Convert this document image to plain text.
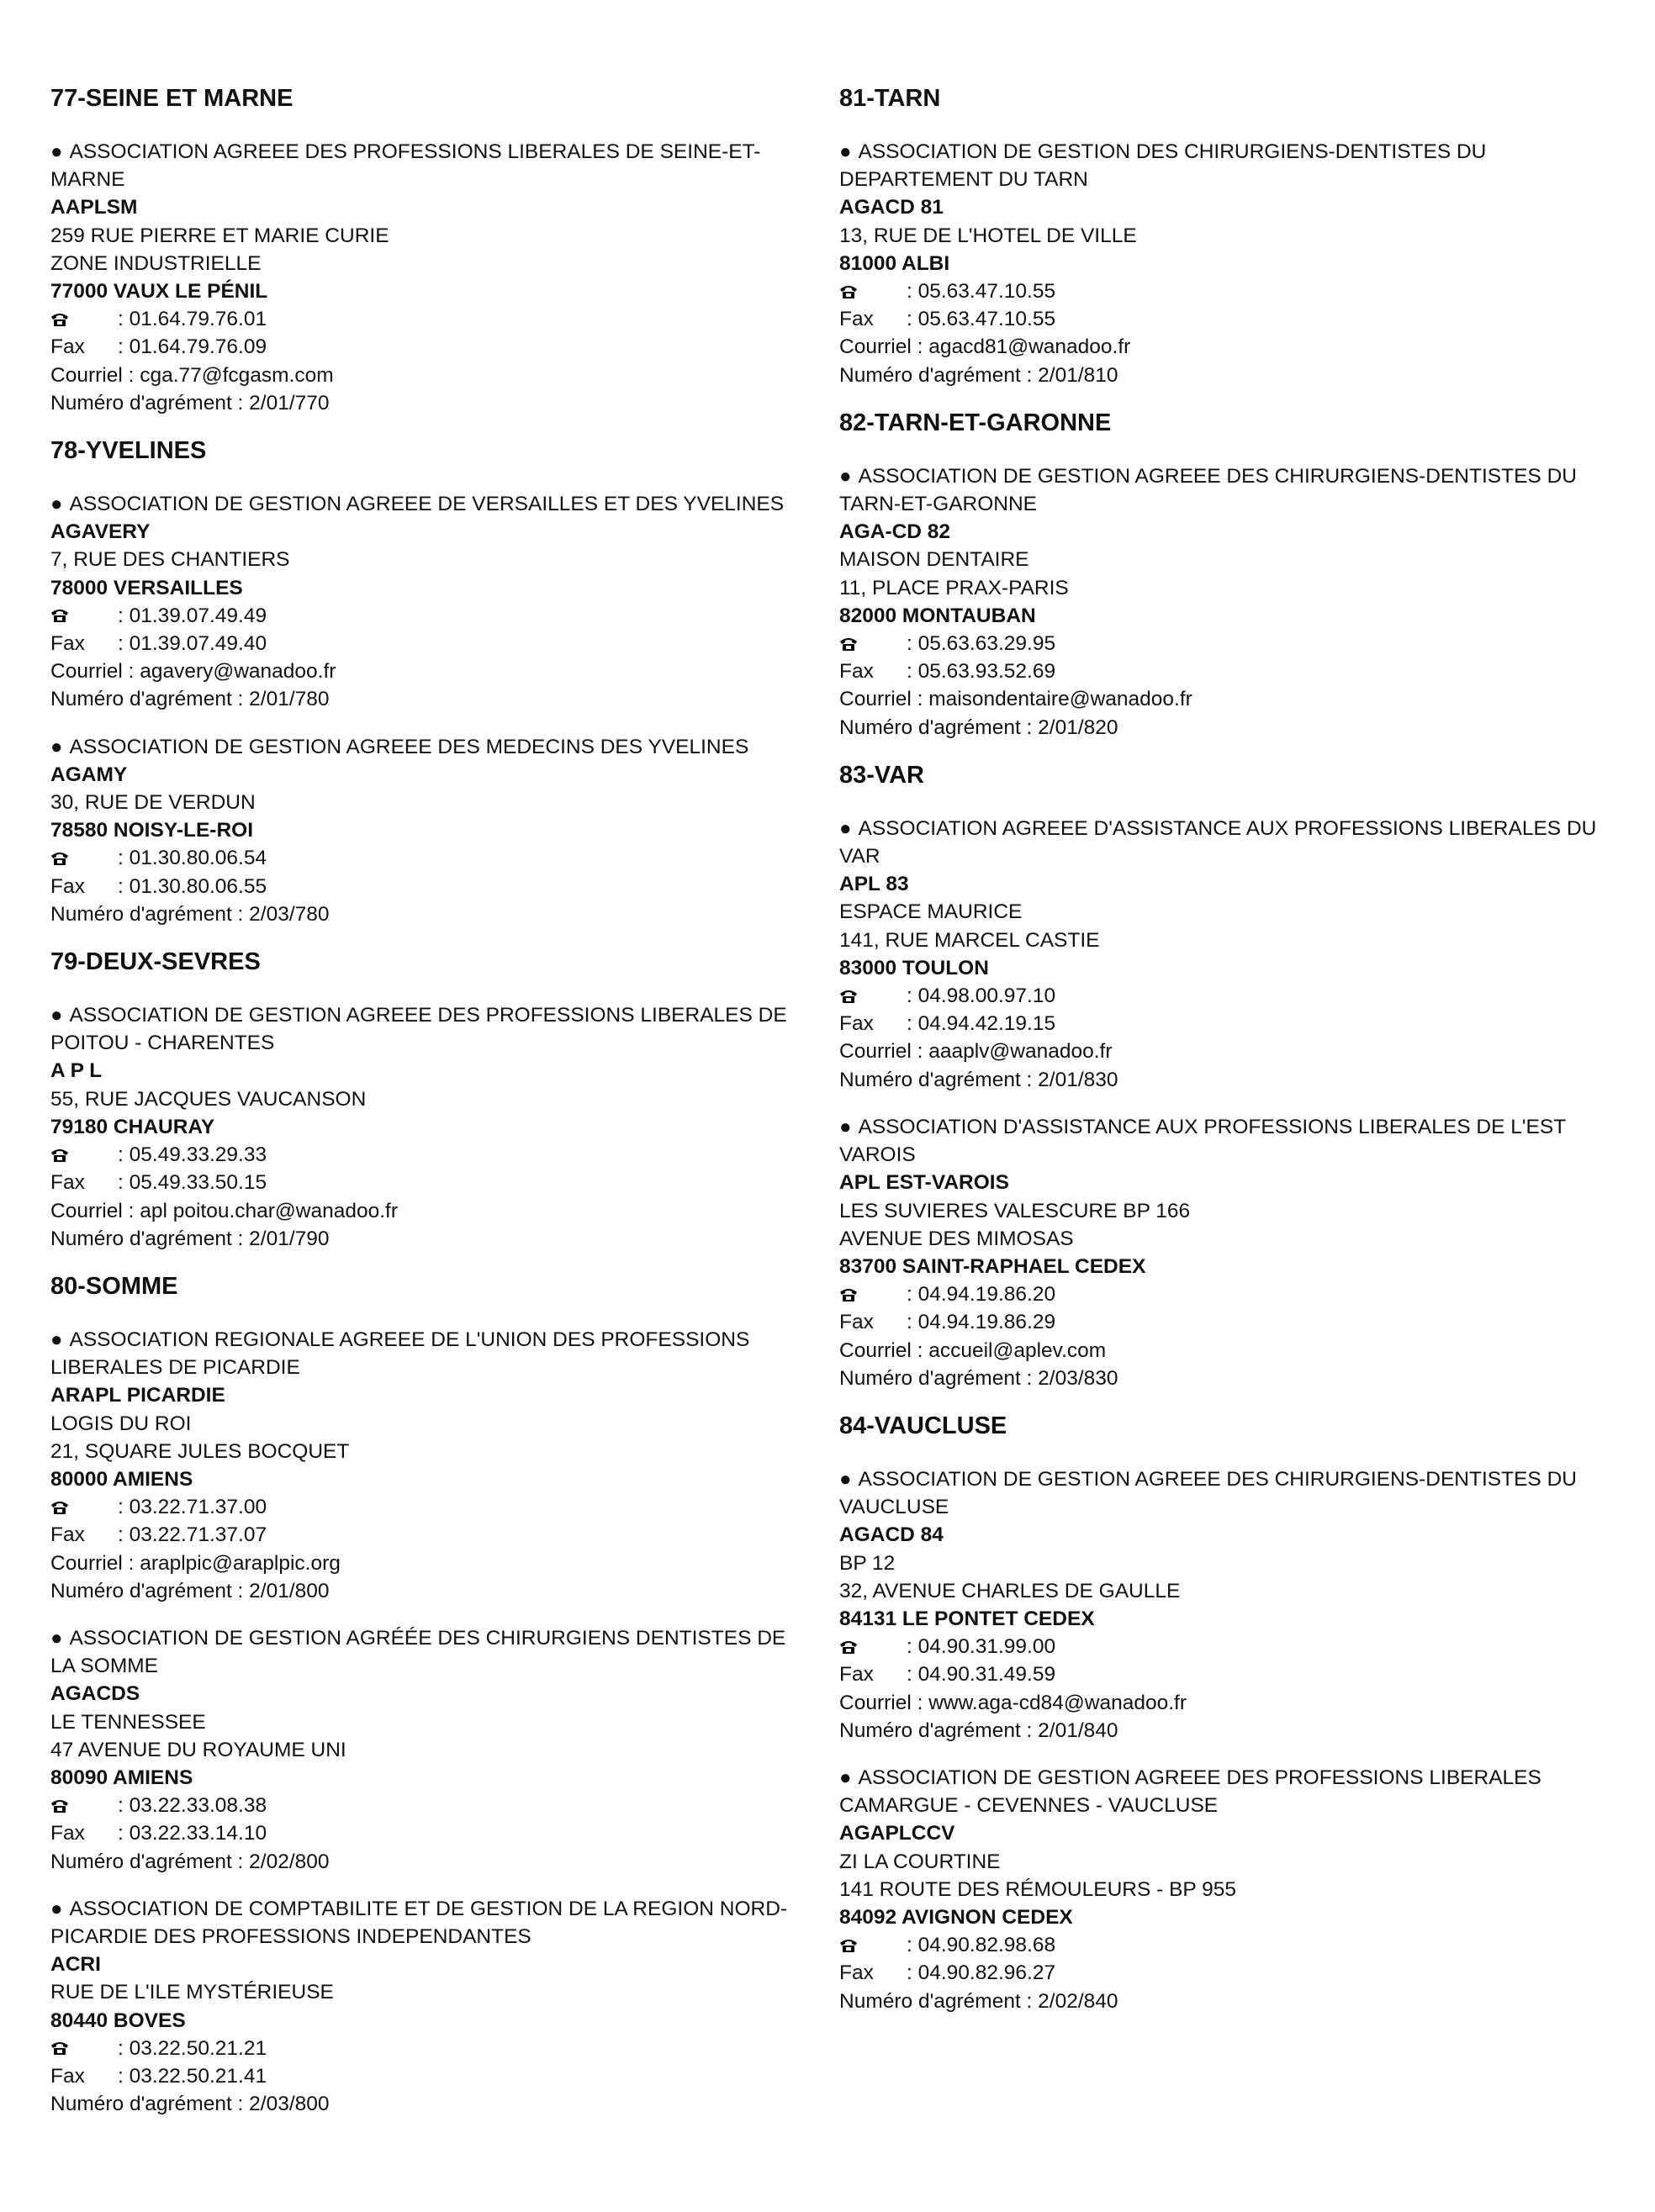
77-SEINE ET MARNE
● ASSOCIATION AGREEE DES PROFESSIONS LIBERALES DE SEINE-ET-MARNE
AAPLSM
259 RUE PIERRE ET MARIE CURIE
ZONE INDUSTRIELLE
77000 VAUX LE PÉNIL
: 01.64.79.76.01
Fax	: 01.64.79.76.09
Courriel : cga.77@fcgasm.com
Numéro d'agrément : 2/01/770
78-YVELINES
● ASSOCIATION DE GESTION AGREEE DE VERSAILLES ET DES YVELINES
AGAVERY
7, RUE DES CHANTIERS
78000 VERSAILLES
: 01.39.07.49.49
Fax	: 01.39.07.49.40
Courriel : agavery@wanadoo.fr
Numéro d'agrément : 2/01/780
● ASSOCIATION DE GESTION AGREEE DES MEDECINS DES YVELINES
AGAMY
30, RUE DE VERDUN
78580 NOISY-LE-ROI
: 01.30.80.06.54
Fax	: 01.30.80.06.55
Numéro d'agrément : 2/03/780
79-DEUX-SEVRES
● ASSOCIATION DE GESTION AGREEE DES PROFESSIONS LIBERALES DE POITOU - CHARENTES
A P L
55, RUE JACQUES VAUCANSON
79180 CHAURAY
: 05.49.33.29.33
Fax	: 05.49.33.50.15
Courriel : apl poitou.char@wanadoo.fr
Numéro d'agrément : 2/01/790
80-SOMME
● ASSOCIATION REGIONALE AGREEE DE L'UNION DES PROFESSIONS LIBERALES DE PICARDIE
ARAPL PICARDIE
LOGIS DU ROI
21, SQUARE JULES BOCQUET
80000 AMIENS
: 03.22.71.37.00
Fax	: 03.22.71.37.07
Courriel : araplpic@araplpic.org
Numéro d'agrément : 2/01/800
● ASSOCIATION DE GESTION AGRÉÉE DES CHIRURGIENS DENTISTES DE LA SOMME
AGACDS
LE TENNESSEE
47 AVENUE DU ROYAUME UNI
80090 AMIENS
: 03.22.33.08.38
Fax	: 03.22.33.14.10
Numéro d'agrément : 2/02/800
● ASSOCIATION DE COMPTABILITE ET DE GESTION DE LA REGION NORD-PICARDIE DES PROFESSIONS INDEPENDANTES
ACRI
RUE DE L'ILE MYSTÉRIEUSE
80440 BOVES
: 03.22.50.21.21
Fax	: 03.22.50.21.41
Numéro d'agrément : 2/03/800
81-TARN
● ASSOCIATION DE GESTION DES CHIRURGIENS-DENTISTES DU DEPARTEMENT DU TARN
AGACD 81
13, RUE DE L'HOTEL DE VILLE
81000 ALBI
: 05.63.47.10.55
Fax	: 05.63.47.10.55
Courriel : agacd81@wanadoo.fr
Numéro d'agrément : 2/01/810
82-TARN-ET-GARONNE
● ASSOCIATION DE GESTION AGREEE DES CHIRURGIENS-DENTISTES DU TARN-ET-GARONNE
AGA-CD 82
MAISON DENTAIRE
11, PLACE PRAX-PARIS
82000 MONTAUBAN
: 05.63.63.29.95
Fax	: 05.63.93.52.69
Courriel : maisondentaire@wanadoo.fr
Numéro d'agrément : 2/01/820
83-VAR
● ASSOCIATION AGREEE D'ASSISTANCE AUX PROFESSIONS LIBERALES DU VAR
APL 83
ESPACE MAURICE
141, RUE MARCEL CASTIE
83000 TOULON
: 04.98.00.97.10
Fax	: 04.94.42.19.15
Courriel : aaaplv@wanadoo.fr
Numéro d'agrément : 2/01/830
● ASSOCIATION D'ASSISTANCE AUX PROFESSIONS LIBERALES DE L'EST VAROIS
APL EST-VAROIS
LES SUVIERES VALESCURE BP 166
AVENUE DES MIMOSAS
83700 SAINT-RAPHAEL CEDEX
: 04.94.19.86.20
Fax	: 04.94.19.86.29
Courriel : accueil@aplev.com
Numéro d'agrément : 2/03/830
84-VAUCLUSE
● ASSOCIATION DE GESTION AGREEE DES CHIRURGIENS-DENTISTES DU VAUCLUSE
AGACD 84
BP 12
32, AVENUE CHARLES DE GAULLE
84131 LE PONTET CEDEX
: 04.90.31.99.00
Fax	: 04.90.31.49.59
Courriel : www.aga-cd84@wanadoo.fr
Numéro d'agrément : 2/01/840
● ASSOCIATION DE GESTION AGREEE DES PROFESSIONS LIBERALES CAMARGUE - CEVENNES - VAUCLUSE
AGAPLCCV
ZI LA COURTINE
141 ROUTE DES RÉMOULEURS - BP 955
84092 AVIGNON CEDEX
: 04.90.82.98.68
Fax	: 04.90.82.96.27
Numéro d'agrément : 2/02/840
